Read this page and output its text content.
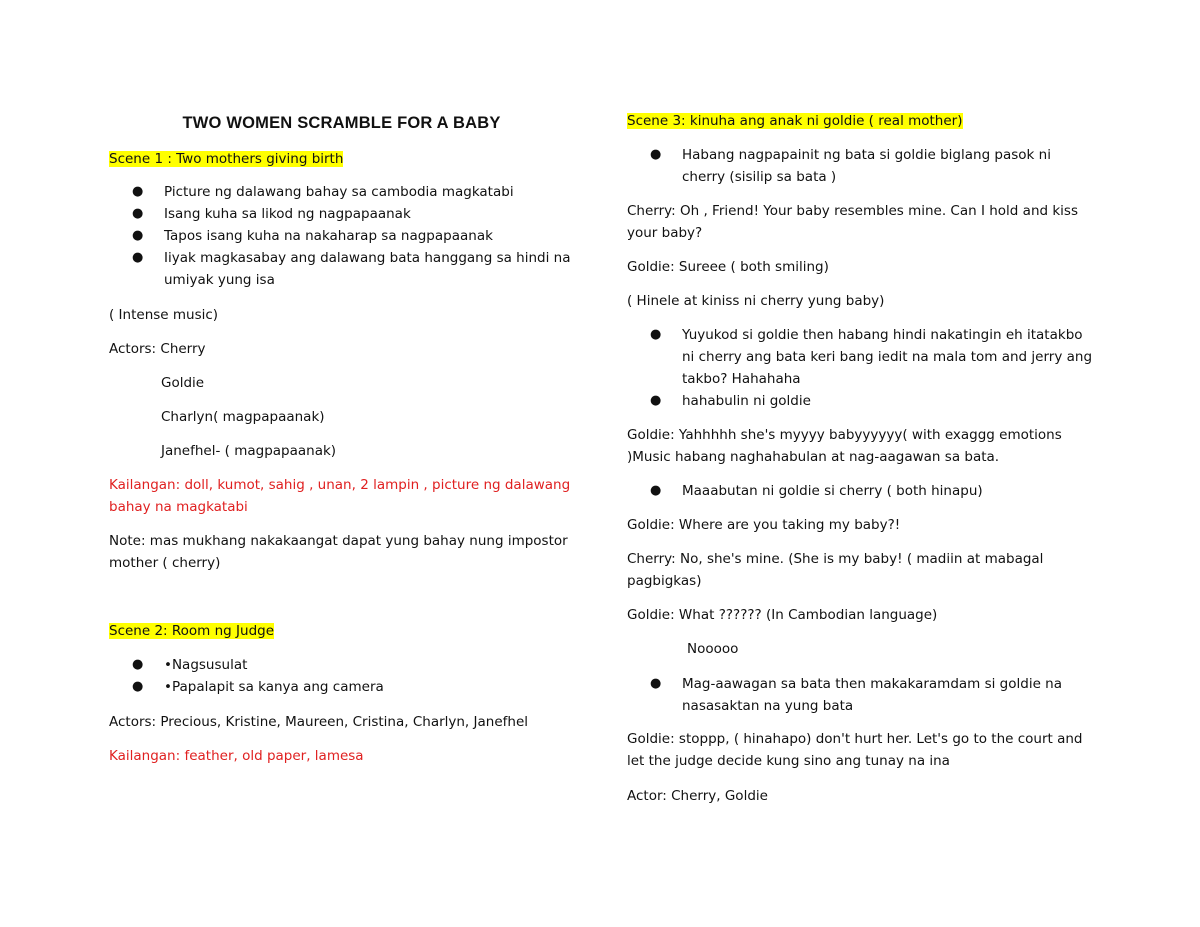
TWO WOMEN SCRAMBLE FOR A BABY

Scene 1 : Two mothers giving birth

● Picture ng dalawang bahay sa cambodia magkatabi
● Isang kuha sa likod ng nagpapaanak
● Tapos isang kuha na nakaharap sa nagpapaanak
● Iiyak magkasabay ang dalawang bata hanggang sa hindi na umiyak yung isa

( Intense music)

Actors: Cherry

Goldie

Charlyn( magpapaanak)

Janefhel- ( magpapaanak)

Kailangan: doll, kumot, sahig , unan, 2 lampin , picture ng dalawang bahay na magkatabi

Note: mas mukhang nakakaangat dapat yung bahay nung impostor mother ( cherry)

Scene 2: Room ng Judge

● •Nagsusulat
● •Papalapit sa kanya ang camera

Actors: Precious, Kristine, Maureen, Cristina, Charlyn, Janefhel

Kailangan: feather, old paper, lamesa

Scene 3: kinuha ang anak ni goldie ( real mother)

● Habang nagpapainit ng bata si goldie biglang pasok ni cherry (sisilip sa bata )

Cherry: Oh , Friend! Your baby resembles mine. Can I hold and kiss your baby?

Goldie: Sureee ( both smiling)

( Hinele at kiniss ni cherry yung baby)

● Yuyukod si goldie then habang hindi nakatingin eh itatakbo ni cherry ang bata keri bang iedit na mala tom and jerry ang takbo? Hahahaha
● hahabulin ni goldie

Goldie: Yahhhhh she's myyyy babyyyyyy( with exaggg emotions )Music habang naghahabulan at nag-aagawan sa bata.

● Maaabutan ni goldie si cherry ( both hinapu)

Goldie: Where are you taking my baby?!

Cherry: No, she's mine. (She is my baby! ( madiin at mabagal pagbigkas)

Goldie: What ?????? (In Cambodian language)

Nooooo

● Mag-aawagan sa bata then makakaramdam si goldie na nasasaktan na yung bata

Goldie: stoppp, ( hinahapo) don't hurt her. Let's go to the court and let the judge decide kung sino ang tunay na ina

Actor: Cherry, Goldie
